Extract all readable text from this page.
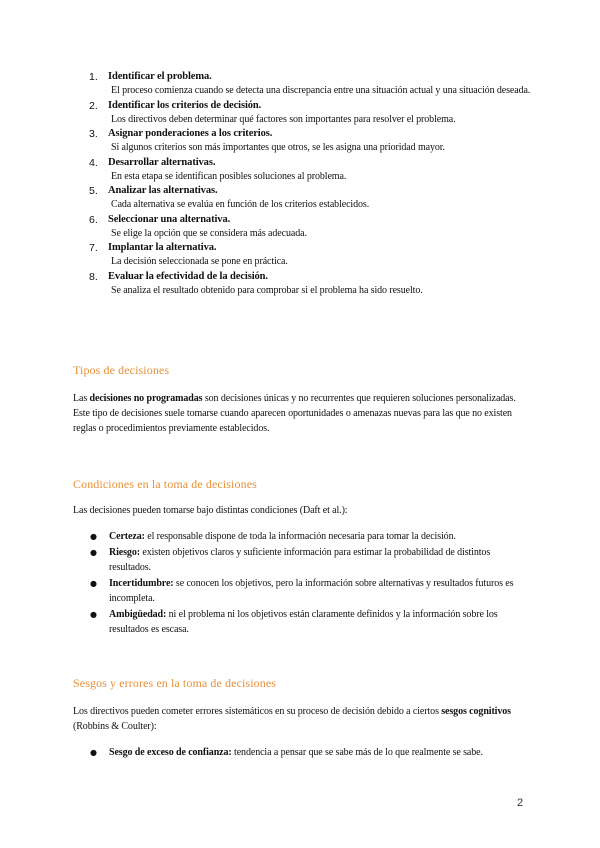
1. Identificar el problema.
El proceso comienza cuando se detecta una discrepancia entre una situación actual y una situación deseada.
2. Identificar los criterios de decisión.
Los directivos deben determinar qué factores son importantes para resolver el problema.
3. Asignar ponderaciones a los criterios.
Si algunos criterios son más importantes que otros, se les asigna una prioridad mayor.
4. Desarrollar alternativas.
En esta etapa se identifican posibles soluciones al problema.
5. Analizar las alternativas.
Cada alternativa se evalúa en función de los criterios establecidos.
6. Seleccionar una alternativa.
Se elige la opción que se considera más adecuada.
7. Implantar la alternativa.
La decisión seleccionada se pone en práctica.
8. Evaluar la efectividad de la decisión.
Se analiza el resultado obtenido para comprobar si el problema ha sido resuelto.
Tipos de decisiones

Las decisiones no programadas son decisiones únicas y no recurrentes que requieren soluciones personalizadas. Este tipo de decisiones suele tomarse cuando aparecen oportunidades o amenazas nuevas para las que no existen reglas o procedimientos previamente establecidos.

Condiciones en la toma de decisiones

Las decisiones pueden tomarse bajo distintas condiciones (Daft et al.):

● Certeza: el responsable dispone de toda la información necesaria para tomar la decisión.
● Riesgo: existen objetivos claros y suficiente información para estimar la probabilidad de distintos resultados.
● Incertidumbre: se conocen los objetivos, pero la información sobre alternativas y resultados futuros es incompleta.
● Ambigüedad: ni el problema ni los objetivos están claramente definidos y la información sobre los resultados es escasa.
Sesgos y errores en la toma de decisiones

Los directivos pueden cometer errores sistemáticos en su proceso de decisión debido a ciertos sesgos cognitivos (Robbins & Coulter):

● Sesgo de exceso de confianza: tendencia a pensar que se sabe más de lo que realmente se sabe.
2
